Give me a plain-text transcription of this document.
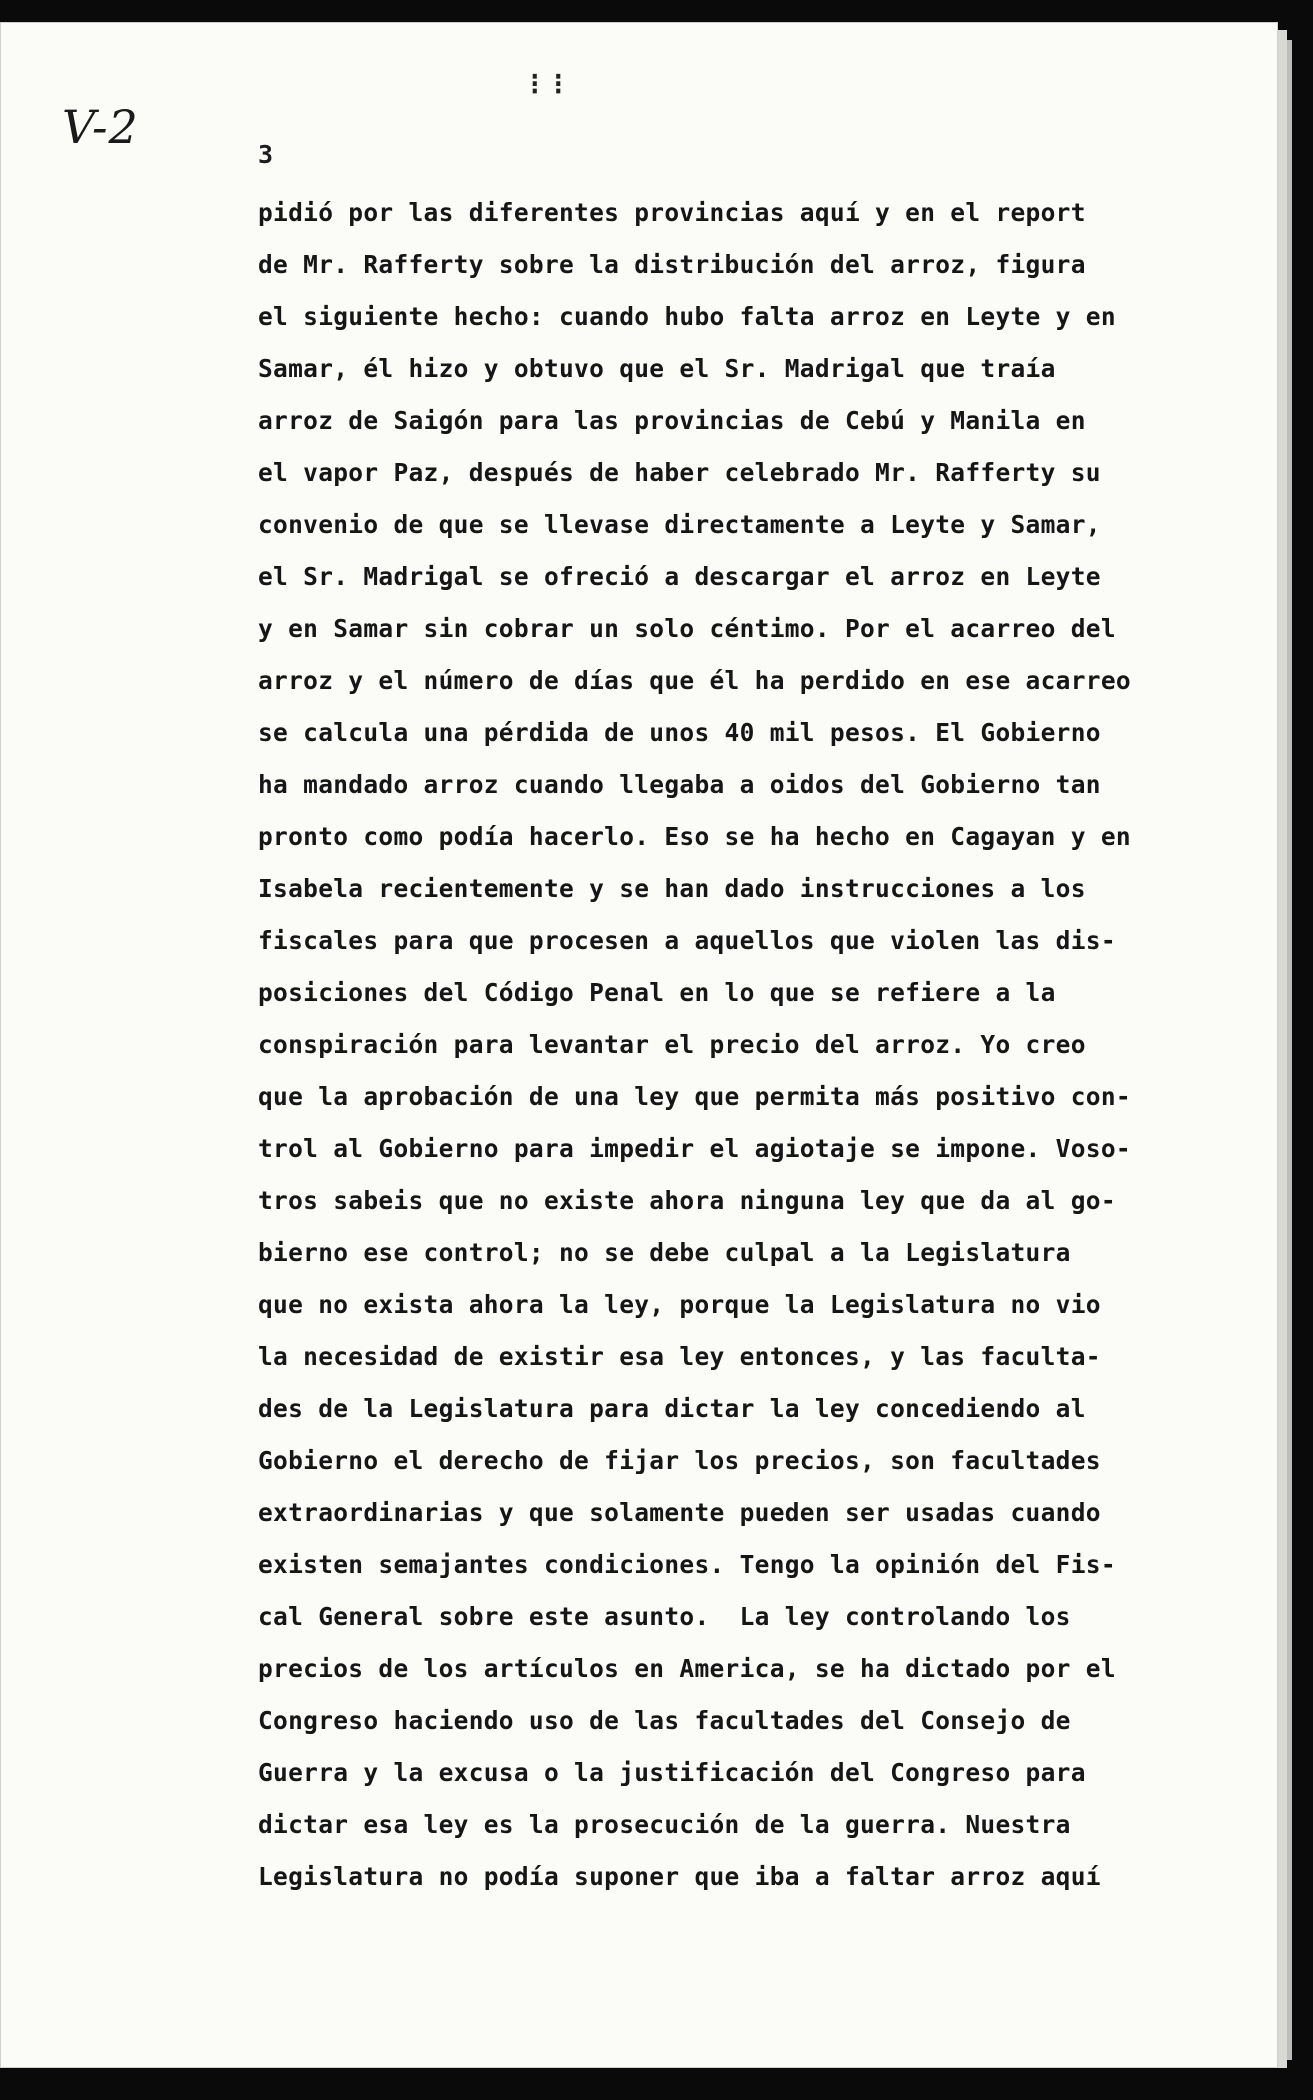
V-2
⁝⁝
3
pidió por las diferentes provincias aquí y en el report
de Mr. Rafferty sobre la distribución del arroz, figura
el siguiente hecho: cuando hubo falta arroz en Leyte y en
Samar, él hizo y obtuvo que el Sr. Madrigal que traía
arroz de Saigón para las provincias de Cebú y Manila en
el vapor Paz, después de haber celebrado Mr. Rafferty su
convenio de que se llevase directamente a Leyte y Samar,
el Sr. Madrigal se ofreció a descargar el arroz en Leyte
y en Samar sin cobrar un solo céntimo. Por el acarreo del
arroz y el número de días que él ha perdido en ese acarreo
se calcula una pérdida de unos 40 mil pesos. El Gobierno
ha mandado arroz cuando llegaba a oidos del Gobierno tan
pronto como podía hacerlo. Eso se ha hecho en Cagayan y en
Isabela recientemente y se han dado instrucciones a los
fiscales para que procesen a aquellos que violen las dis-
posiciones del Código Penal en lo que se refiere a la
conspiración para levantar el precio del arroz. Yo creo
que la aprobación de una ley que permita más positivo con-
trol al Gobierno para impedir el agiotaje se impone. Voso-
tros sabeis que no existe ahora ninguna ley que da al go-
bierno ese control; no se debe culpal a la Legislatura
que no exista ahora la ley, porque la Legislatura no vio
la necesidad de existir esa ley entonces, y las faculta-
des de la Legislatura para dictar la ley concediendo al
Gobierno el derecho de fijar los precios, son facultades
extraordinarias y que solamente pueden ser usadas cuando
existen semajantes condiciones. Tengo la opinión del Fis-
cal General sobre este asunto.  La ley controlando los
precios de los artículos en America, se ha dictado por el
Congreso haciendo uso de las facultades del Consejo de
Guerra y la excusa o la justificación del Congreso para
dictar esa ley es la prosecución de la guerra. Nuestra
Legislatura no podía suponer que iba a faltar arroz aquí
